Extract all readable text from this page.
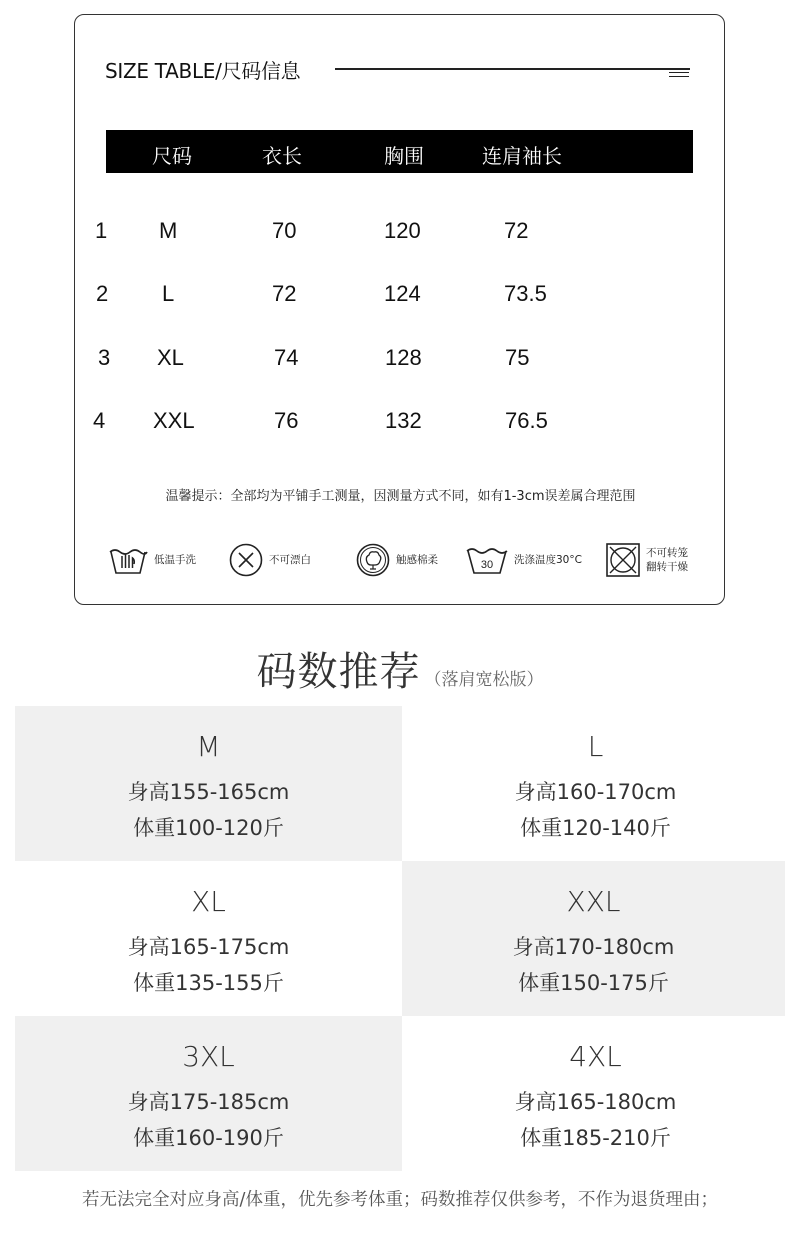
SIZE TABLE/尺码信息
尺码	衣长	胸围	连肩袖长
1 M	70	120	72
2 L	72	124	73.5
3 XL	74	128	75
4 XXL	76	132	76.5
温馨提示：全部均为平铺手工测量，因测量方式不同，如有1-3cm误差属合理范围
低温手洗	不可漂白	触感棉柔	30 洗涤温度30°C
不可转笼
翻转干燥
码数推荐 （落肩宽松版）
M
身高155-165cm
体重100-120斤
L
身高160-170cm
体重120-140斤
XL
身高165-175cm
体重135-155斤
XXL
身高170-180cm
体重150-175斤
3XL
身高175-185cm
体重160-190斤
4XL
身高165-180cm
体重185-210斤
若无法完全对应身高/体重，优先参考体重；码数推荐仅供参考，不作为退货理由；
